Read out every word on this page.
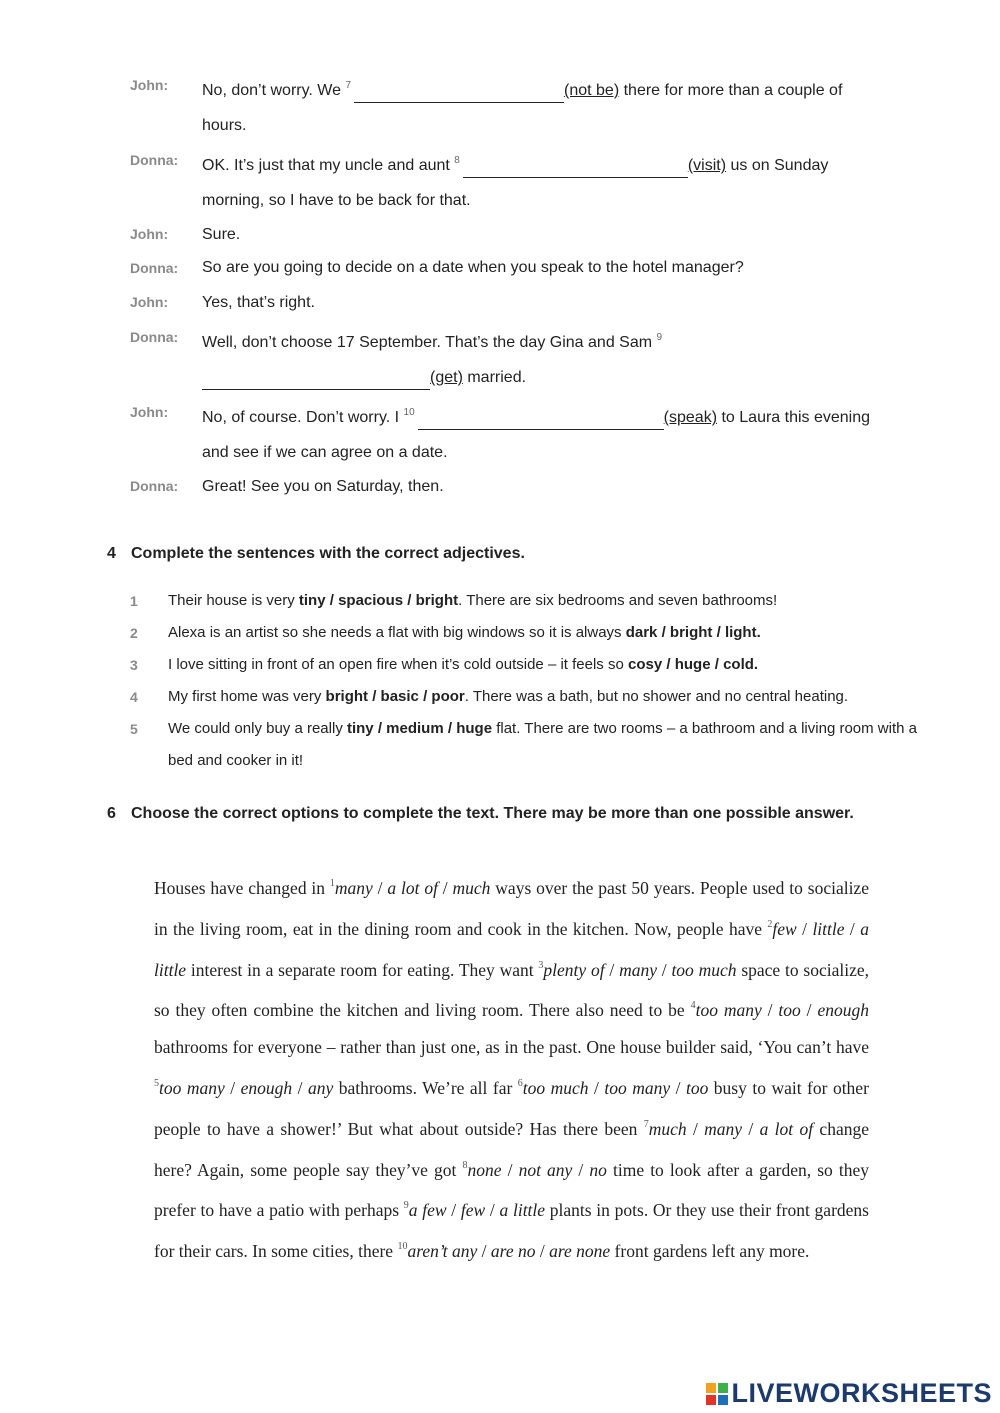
John:	No, don’t worry. We $^7$	(not be) there for more than a couple of
hours.
Donna:	OK. It’s just that my uncle and aunt $^8$	(visit) us on Sunday
morning, so I have to be back for that.
John:	Sure.
Donna:	So are you going to decide on a date when you speak to the hotel manager?
John:	Yes, that’s right.
Donna:	Well, don’t choose 17 September. That’s the day Gina and Sam $^9$
(get) married.
John:	No, of course. Don’t worry. I $^{10}$	(speak) to Laura this evening
and see if we can agree on a date.
Donna:	Great! See you on Saturday, then.
4 Complete the sentences with the correct adjectives.
1	Their house is very tiny / spacious / bright. There are six bedrooms and seven bathrooms!
2	Alexa is an artist so she needs a flat with big windows so it is always dark / bright / light.
3	I love sitting in front of an open fire when it’s cold outside – it feels so cosy / huge / cold.
4	My first home was very bright / basic / poor. There was a bath, but no shower and no central heating.
5	We could only buy a really tiny / medium / huge flat. There are two rooms – a bathroom and a living room with a bed and cooker in it!
6 Choose the correct options to complete the text. There may be more than one possible answer.
Houses have changed in $^1$many / a lot of / much ways over the past 50 years. People used to socialize in the living room, eat in the dining room and cook in the kitchen. Now, people have $^2$few / little / a little interest in a separate room for eating. They want $^3$plenty of / many / too much space to socialize, so they often combine the kitchen and living room. There also need to be $^4$too many / too / enough bathrooms for everyone – rather than just one, as in the past. One house builder said, ‘You can’t have $^5$too many / enough / any bathrooms. We’re all far $^6$too much / too many / too busy to wait for other people to have a shower!’ But what about outside? Has there been $^7$much / many / a lot of change here? Again, some people say they’ve got $^8$none / not any / no time to look after a garden, so they prefer to have a patio with perhaps $^9$a few / few / a little plants in pots. Or they use their front gardens for their cars. In some cities, there $^{10}$aren’t any / are no / are none front gardens left any more.
LIVEWORKSHEETS
